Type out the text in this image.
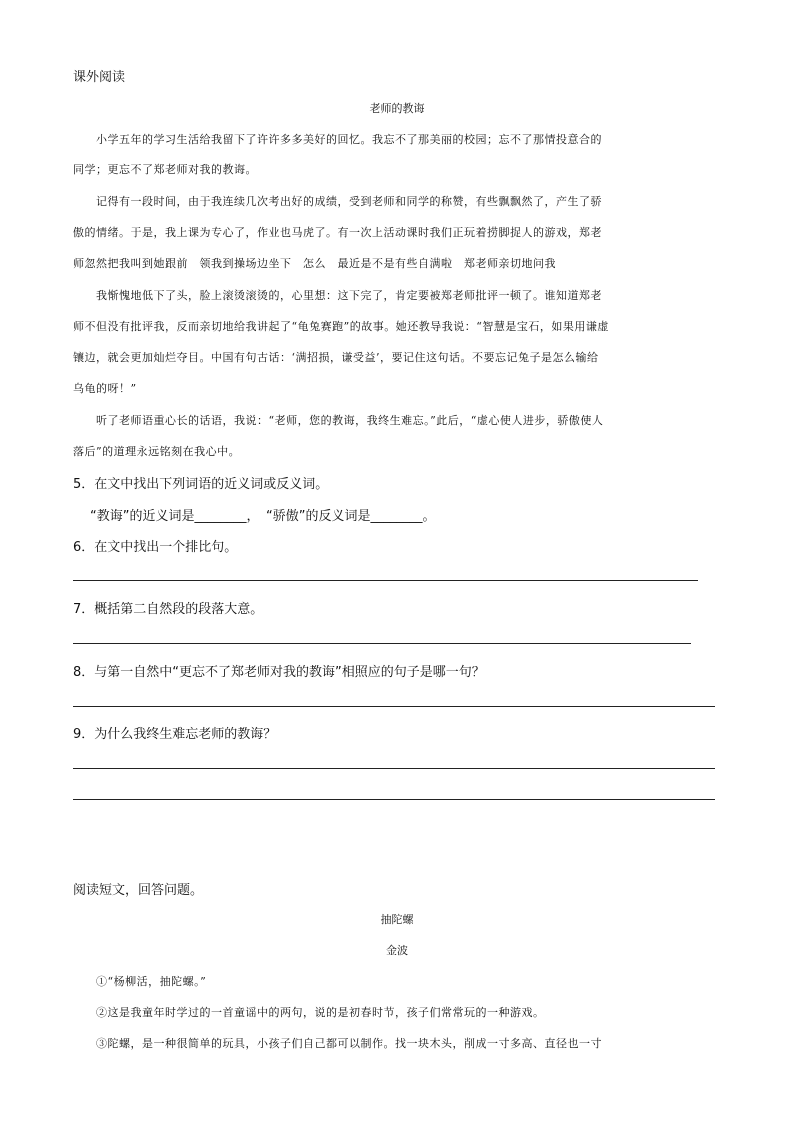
课外阅读
老师的教诲
小学五年的学习生活给我留下了许许多多美好的回忆。我忘不了那美丽的校园；忘不了那情投意合的
同学；更忘不了郑老师对我的教诲。
记得有一段时间，由于我连续几次考出好的成绩，受到老师和同学的称赞，有些飘飘然了，产生了骄
傲的情绪。于是，我上课为专心了，作业也马虎了。有一次上活动课时我们正玩着捞脚捉人的游戏，郑老
师忽然把我叫到她跟前　领我到操场边坐下　怎么　最近是不是有些自满啦　郑老师亲切地问我
我惭愧地低下了头，脸上滚烫滚烫的，心里想：这下完了，肯定要被郑老师批评一顿了。谁知道郑老
师不但没有批评我，反而亲切地给我讲起了“龟兔赛跑”的故事。她还教导我说：“智慧是宝石，如果用谦虚
镶边，就会更加灿烂夺目。中国有句古话：‘满招损，谦受益’，要记住这句话。不要忘记兔子是怎么输给
乌龟的呀！”
听了老师语重心长的话语，我说：“老师，您的教诲，我终生难忘。”此后，“虚心使人进步，骄傲使人
落后”的道理永远铭刻在我心中。
5．在文中找出下列词语的近义词或反义词。
“教诲”的近义词是________，　“骄傲”的反义词是________。
6．在文中找出一个排比句。
7．概括第二自然段的段落大意。
8．与第一自然中“更忘不了郑老师对我的教诲”相照应的句子是哪一句？
9．为什么我终生难忘老师的教诲？
阅读短文，回答问题。
抽陀螺
金波
①“杨柳活，抽陀螺。”
②这是我童年时学过的一首童谣中的两句，说的是初春时节，孩子们常常玩的一种游戏。
③陀螺，是一种很简单的玩具，小孩子们自己都可以制作。找一块木头，削成一寸多高、直径也一寸
